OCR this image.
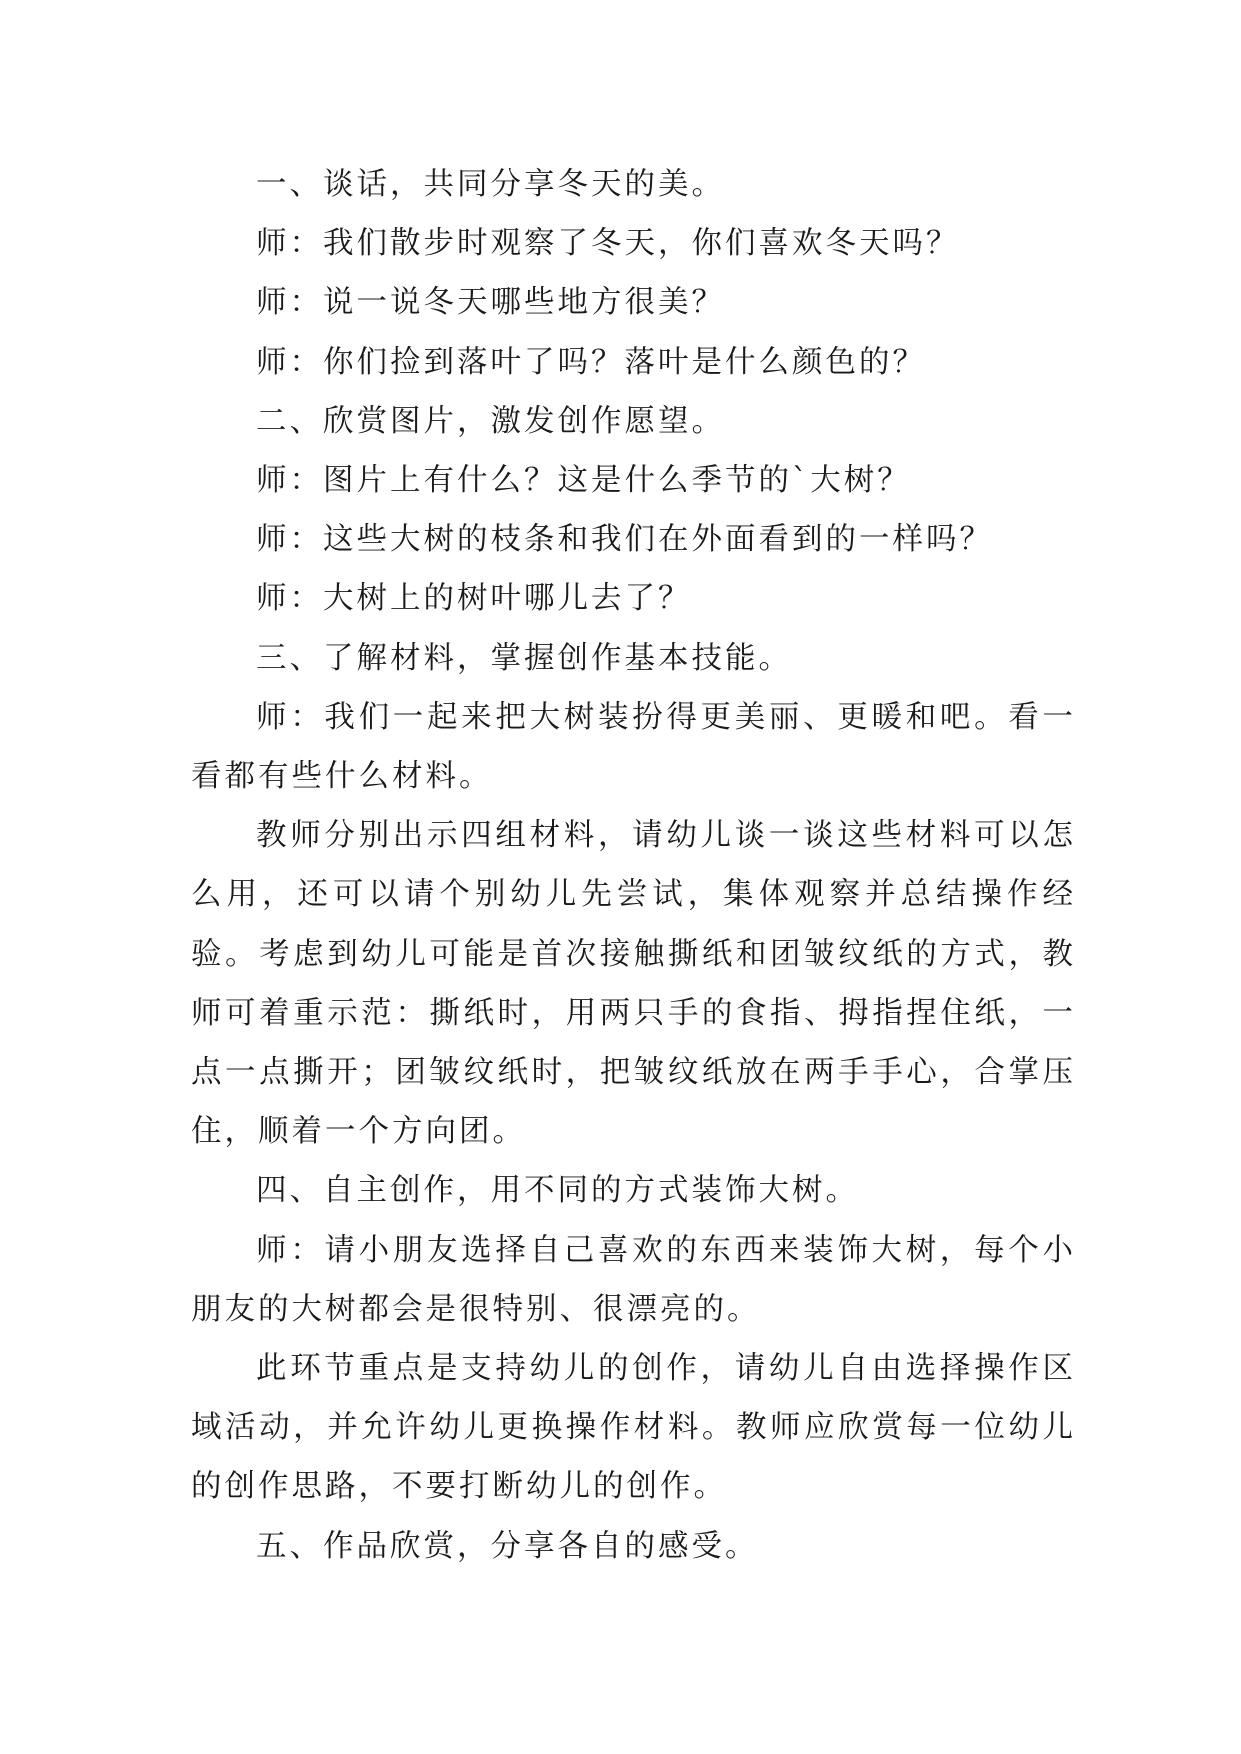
一、谈话，共同分享冬天的美。

师：我们散步时观察了冬天，你们喜欢冬天吗？

师：说一说冬天哪些地方很美？

师：你们捡到落叶了吗？落叶是什么颜色的？

二、欣赏图片，激发创作愿望。

师：图片上有什么？这是什么季节的`大树？

师：这些大树的枝条和我们在外面看到的一样吗？

师：大树上的树叶哪儿去了？

三、了解材料，掌握创作基本技能。

师：我们一起来把大树装扮得更美丽、更暖和吧。看一看都有些什么材料。

教师分别出示四组材料，请幼儿谈一谈这些材料可以怎么用，还可以请个别幼儿先尝试，集体观察并总结操作经验。考虑到幼儿可能是首次接触撕纸和团皱纹纸的方式，教师可着重示范：撕纸时，用两只手的食指、拇指捏住纸，一点一点撕开；团皱纹纸时，把皱纹纸放在两手手心，合掌压住，顺着一个方向团。

四、自主创作，用不同的方式装饰大树。

师：请小朋友选择自己喜欢的东西来装饰大树，每个小朋友的大树都会是很特别、很漂亮的。

此环节重点是支持幼儿的创作，请幼儿自由选择操作区域活动，并允许幼儿更换操作材料。教师应欣赏每一位幼儿的创作思路，不要打断幼儿的创作。

五、作品欣赏，分享各自的感受。
